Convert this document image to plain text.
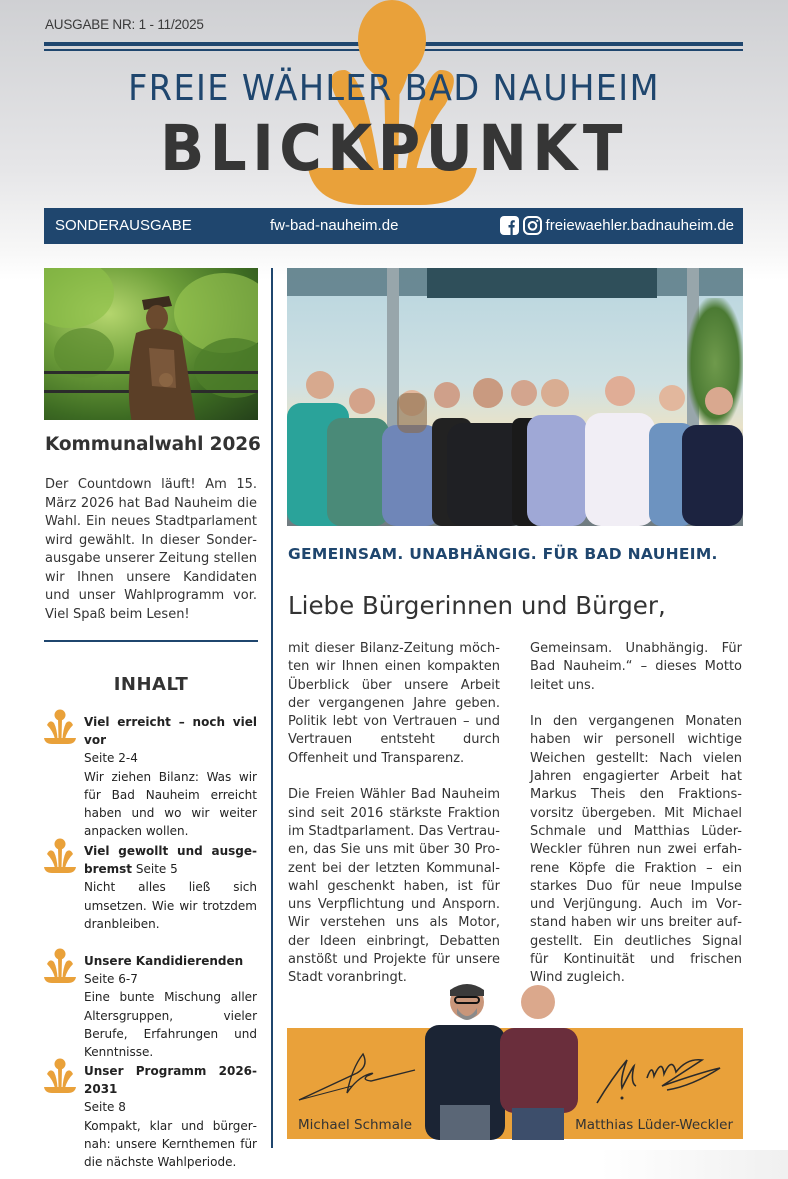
AUSGABE NR: 1 - 11/2025
FREIE WÄHLER BAD NAUHEIM
BLICKPUNKT
SONDERAUSGABE	fw-bad-nauheim.de	freiewaehler.badnauheim.de
Kommunalwahl 2026
Der Countdown läuft! Am 15. März 2026 hat Bad Nauheim die Wahl. Ein neues Stadtparlament wird gewählt. In dieser Sonderausgabe unserer Zeitung stellen wir Ihnen unsere Kandidaten und unser Wahlprogramm vor. Viel Spaß beim Lesen!
INHALT
Viel erreicht – noch viel vor
Seite 2-4
Wir ziehen Bilanz: Was wir für Bad Nauheim erreicht haben und wo wir weiter anpacken wollen.
Viel gewollt und ausgebremst Seite 5
Nicht alles ließ sich umsetzen. Wie wir trotzdem dranbleiben.
Unsere Kandidierenden
Seite 6-7
Eine bunte Mischung aller Altersgruppen, vieler Berufe, Erfahrungen und Kenntnisse.
Unser Programm 2026-2031
Seite 8
Kompakt, klar und bürgernah: unsere Kernthemen für die nächste Wahlperiode.
GEMEINSAM. UNABHÄNGIG. FÜR BAD NAUHEIM.
Liebe Bürgerinnen und Bürger,

mit dieser Bilanz-Zeitung möchten wir Ihnen einen kompakten Überblick über unsere Arbeit der vergangenen Jahre geben. Politik lebt von Vertrauen – und Vertrauen entsteht durch Offenheit und Transparenz.

Die Freien Wähler Bad Nauheim sind seit 2016 stärkste Fraktion im Stadtparlament. Das Vertrauen, das Sie uns mit über 30 Prozent bei der letzten Kommunalwahl geschenkt haben, ist für uns Verpflichtung und Ansporn. Wir verstehen uns als Motor, der Ideen einbringt, Debatten anstößt und Projekte für unsere Stadt voranbringt.

Gemeinsam. Unabhängig. Für Bad Nauheim.“ – dieses Motto leitet uns.

In den vergangenen Monaten haben wir personell wichtige Weichen gestellt: Nach vielen Jahren engagierter Arbeit hat Markus Theis den Fraktionsvorsitz übergeben. Mit Michael Schmale und Matthias Lüder-Weckler führen nun zwei erfahrene Köpfe die Fraktion – ein starkes Duo für neue Impulse und Verjüngung. Auch im Vorstand haben wir uns breiter aufgestellt. Ein deutliches Signal für Kontinuität und frischen Wind zugleich.

Michael Schmale	Matthias Lüder-Weckler
